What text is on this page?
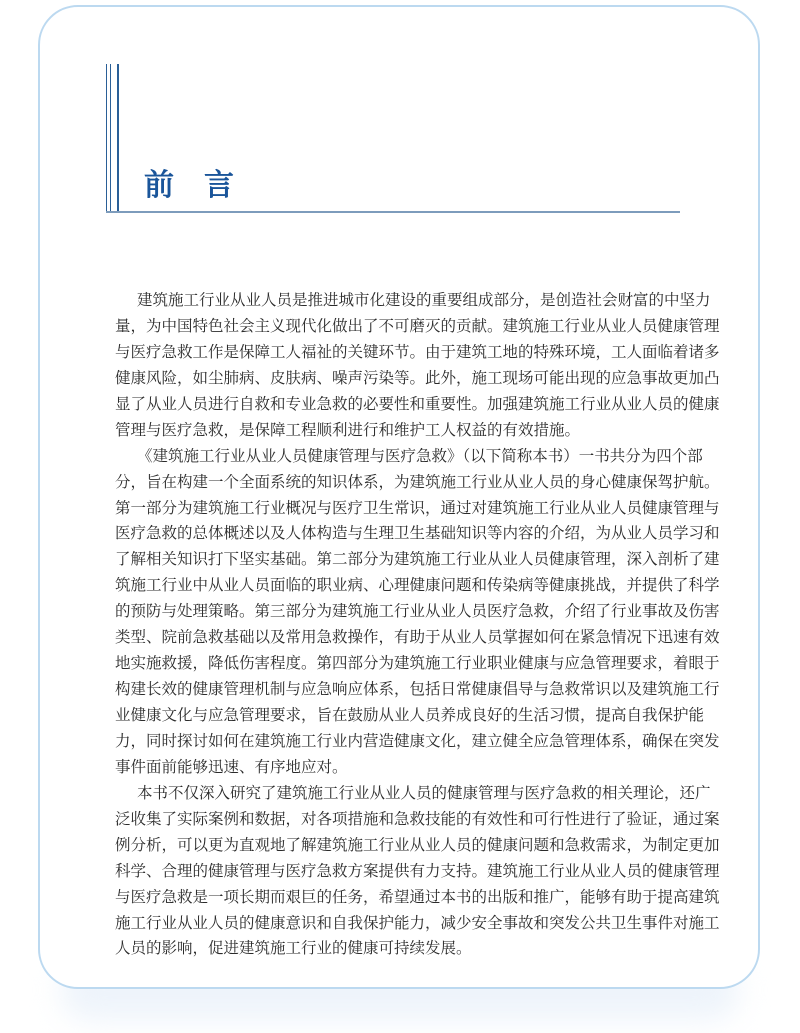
前 言
建筑施工行业从业人员是推进城市化建设的重要组成部分，是创造社会财富的中坚力
量，为中国特色社会主义现代化做出了不可磨灭的贡献。建筑施工行业从业人员健康管理
与医疗急救工作是保障工人福祉的关键环节。由于建筑工地的特殊环境，工人面临着诸多
健康风险，如尘肺病、皮肤病、噪声污染等。此外，施工现场可能出现的应急事故更加凸
显了从业人员进行自救和专业急救的必要性和重要性。加强建筑施工行业从业人员的健康
管理与医疗急救，是保障工程顺利进行和维护工人权益的有效措施。
《建筑施工行业从业人员健康管理与医疗急救》（以下简称本书）一书共分为四个部
分，旨在构建一个全面系统的知识体系，为建筑施工行业从业人员的身心健康保驾护航。
第一部分为建筑施工行业概况与医疗卫生常识，通过对建筑施工行业从业人员健康管理与
医疗急救的总体概述以及人体构造与生理卫生基础知识等内容的介绍，为从业人员学习和
了解相关知识打下坚实基础。第二部分为建筑施工行业从业人员健康管理，深入剖析了建
筑施工行业中从业人员面临的职业病、心理健康问题和传染病等健康挑战，并提供了科学
的预防与处理策略。第三部分为建筑施工行业从业人员医疗急救，介绍了行业事故及伤害
类型、院前急救基础以及常用急救操作，有助于从业人员掌握如何在紧急情况下迅速有效
地实施救援，降低伤害程度。第四部分为建筑施工行业职业健康与应急管理要求，着眼于
构建长效的健康管理机制与应急响应体系，包括日常健康倡导与急救常识以及建筑施工行
业健康文化与应急管理要求，旨在鼓励从业人员养成良好的生活习惯，提高自我保护能
力，同时探讨如何在建筑施工行业内营造健康文化，建立健全应急管理体系，确保在突发
事件面前能够迅速、有序地应对。
本书不仅深入研究了建筑施工行业从业人员的健康管理与医疗急救的相关理论，还广
泛收集了实际案例和数据，对各项措施和急救技能的有效性和可行性进行了验证，通过案
例分析，可以更为直观地了解建筑施工行业从业人员的健康问题和急救需求，为制定更加
科学、合理的健康管理与医疗急救方案提供有力支持。建筑施工行业从业人员的健康管理
与医疗急救是一项长期而艰巨的任务，希望通过本书的出版和推广，能够有助于提高建筑
施工行业从业人员的健康意识和自我保护能力，减少安全事故和突发公共卫生事件对施工
人员的影响，促进建筑施工行业的健康可持续发展。
